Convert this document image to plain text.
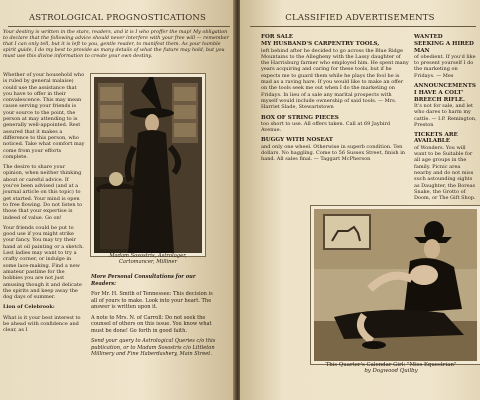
ASTROLOGICAL PROGNOSTICATIONS
Your destiny is written in the stars, readers, and it is I who proffer the map! My obligation to declare that the following advice should never interfere with your free will — remember that I can only tell, but it is left to you, gentle reader, to manifest them. As your humble spirit guide, I do my best to provide as many details of what the future may hold, but you must use this divine information to create your own destiny.

Whether of your household who is ruled by general malaise) could use the assistance that you have to offer in their convalescence. This may mean cause serving your friends is your source to the point, the person at may attending to is generally well-appointed. Rest assured that it makes a difference to this person, who noticed. Take what comfort may come from your efforts complete.

The desire to share your opinion, when neither thinking about or careful advice. If you've been advised (and at a journal article on this topic) to get started. Your mind is open to free flowing. Do not listen to those that your expertise is indeed of value. Go on!

Your friends could be put to good use if you might strike your fancy. You may try their hand at oil painting or a sketch. Lest ladies may want to try a crafty corner, or indulge in some lace-making. Find a new amateur pastime for the hobbies you are not just amusing though it and delicate the spirits and keep away the dog days of summer.

Lion of Celebrook:

What is it your best interest to be ahead with confidence and clear, as I

Madam Sosostris, Astrologer,
Cartomancer, Milliner

More Personal Consultations for our Readers:

For Mr. H. Smith of Tennessee: This decision is all of yours to make. Look into your heart. The answer is written upon it.

A note to Mrs. N. of Carroll: Do not seek the counsel of others on this issue. You know what must be done! Go forth in good faith.

Send your query to Astrological Queries c/o this publication, or to Madam Sosostris c/o Littleton Millinery and Fine Haberdashery, Main Street.

CLASSIFIED ADVERTISEMENTS

FOR SALE

MY HUSBAND'S CARPENTRY TOOLS,

left behind after he decided to go across the Blue Ridge Mountains to the Allegheny with the Lassy daughter of the Harrisburg farmer who employed him. He spent many years acquiring and caring for these tools, but if he expects me to guard them while he plays the fool he is mad as a raving hare. If you would like to make an offer on the tools seek me out when I do the marketing on Fridays. In lieu of a sale any marital prospects with myself would include ownership of said tools. — Mrs. Harriet Slade, Stewartstown

BOX OF STRING PIECES

too short to use. All offers taken. Call at 69 Jaybird Avenue.

BUGGY WITH NOSEAT

and only one wheel. Otherwise in superb condition. Ten dollars. No haggling. Come to 56 Sussex Street, finish in hand. All sales final. — Taggart McPherson

WANTED

SEEKING A HIRED MAN

of obedient. If you'd like to present yourself I do the marketing on Fridays. — Mes

ANNOUNCEMENTS

I HAVE A COLT' BREECH RIFLE.

It's not for sale, and let who dares to harm my cattle. — I.P. Remington, Preston

TICKETS ARE AVAILABLE

of Wonders. You will want to be Suitable for all age groups in the family. Picnic area nearby and do not miss such astounding sights as Daughter, the Boreas Snake, the Grotto of Doom, or The Gift Shop.

This Quarter's Calendar Girl: "Miss Equestrian"
by Dogwood Quilby
